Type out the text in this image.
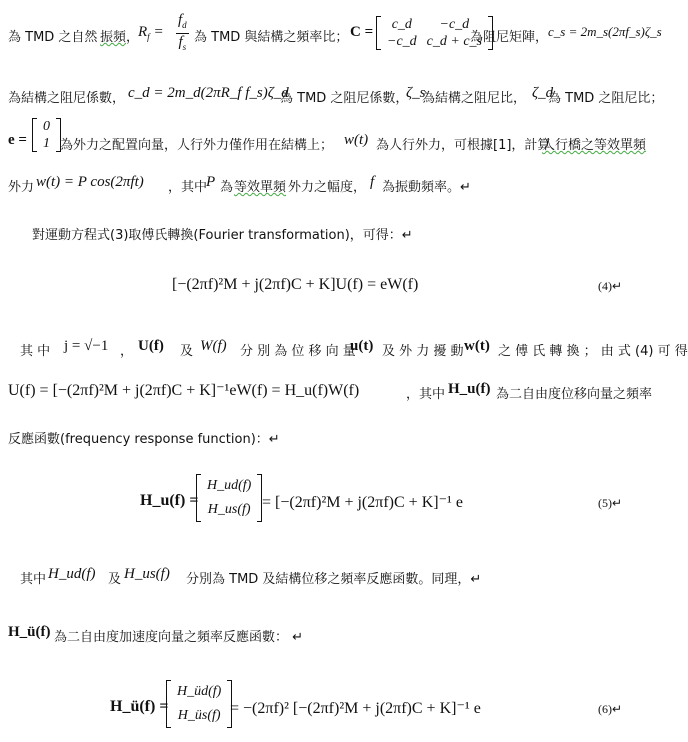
為 TMD 之自然 振頻 ，
$R_f = \frac{f_d}{f_s}$ 為 TMD 與結構之頻率比； C = c_d	−c_d
−c_d	c_d + c_s
為阻尼矩陣， c_s = 2m_s(2πf_s)ζ_s
為結構之阻尼係數， c_d = 2m_d(2πR_f f_s)ζ_d
為 TMD 之阻尼係數，
ζ_s
為結構之阻尼比， ζ_d
為 TMD 之阻尼比；
e =
0
1 為外力之配置向量，人行外力僅作用在結構上； w(t) 為人行外力，可根據[1]，計算
人行橋之等效單頻
外力 w(t) = P cos(2πft) ，其中
P 為 等效單頻 外力之幅度， f 為振動頻率。↵
對運動方程式(3)取傅氏轉換(Fourier transformation)，可得：↵
[−(2πf)²M + j(2πf)C + K]U(f) = eW(f)	(4)↵
其 中 j = √−1 ， U(f) 及 W(f) 分 別 為 位 移 向 量
u(t) 及 外 力 擾 動 w(t) 之 傅 氏 轉 換 ； 由 式 (4) 可 得
U(f) = [−(2πf)²M + j(2πf)C + K]⁻¹eW(f) = H_u(f)W(f)	，其中 H_u(f) 為二自由度位移向量之頻率
反應函數(frequency response function)：↵
H_u(f) =
H_ud(f)
H_us(f) = [−(2πf)²M + j(2πf)C + K]⁻¹ e	(5)↵
其中 H_ud(f) 及 H_us(f) 分別為 TMD 及結構位移之頻率反應函數。同理，↵
H_ü(f) 為二自由度加速度向量之頻率反應函數： ↵
H_ü(f) =
H_üd(f)
H_üs(f) = −(2πf)² [−(2πf)²M + j(2πf)C + K]⁻¹ e	(6)↵
